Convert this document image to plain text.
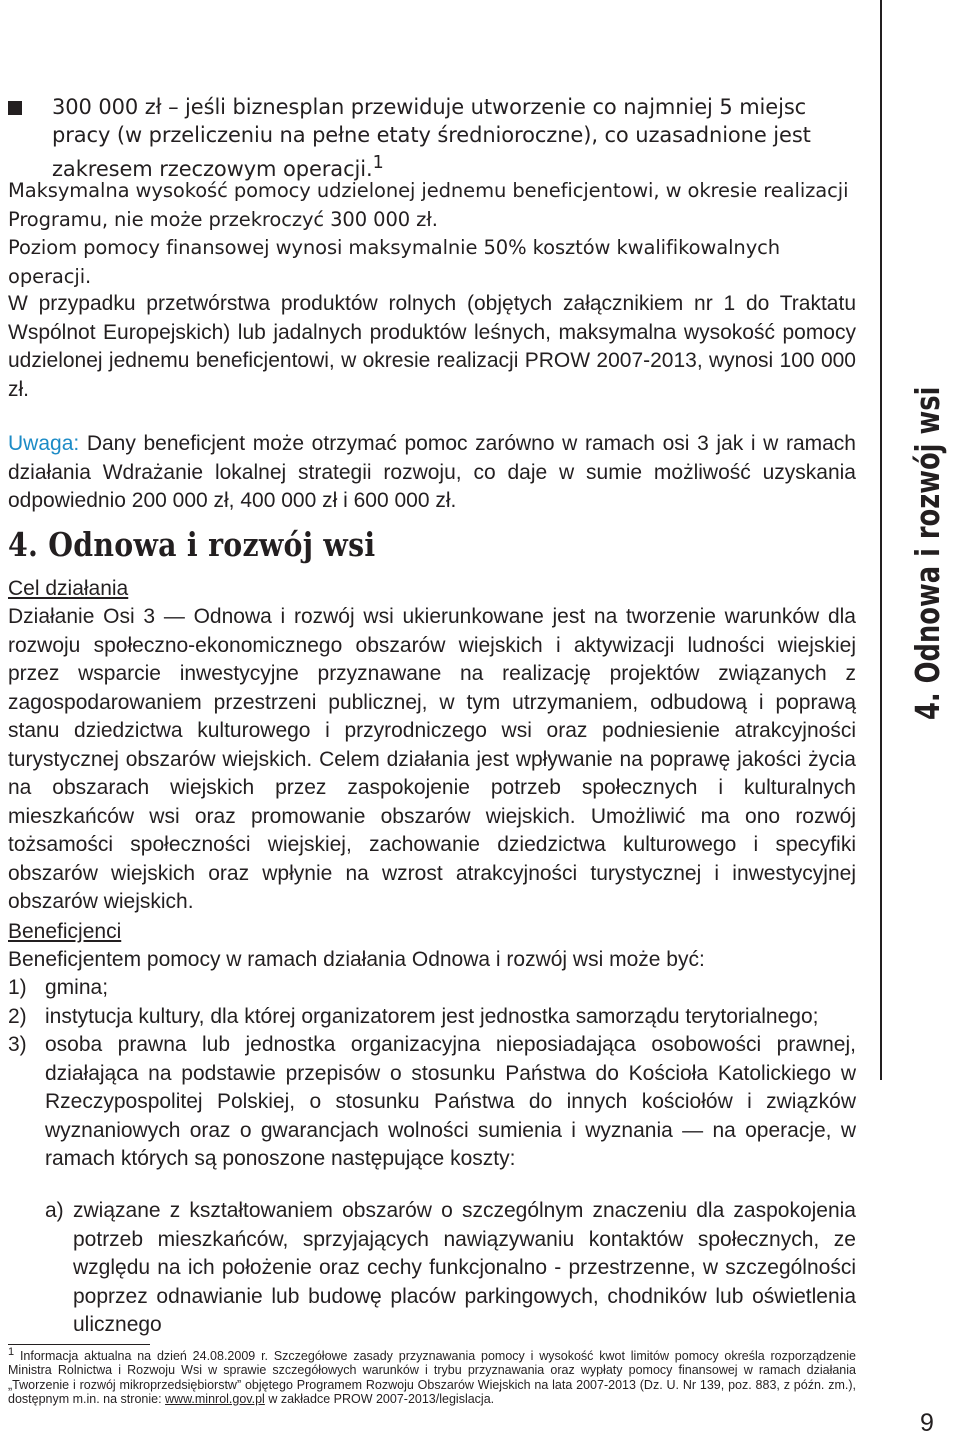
300 000 zł – jeśli biznesplan przewiduje utworzenie co najmniej 5 miejsc pracy (w przeliczeniu na pełne etaty średnioroczne), co uzasadnione jest zakresem rzeczowym operacji.$^1$

Maksymalna wysokość pomocy udzielonej jednemu beneficjentowi, w okresie realizacji Programu, nie może przekroczyć 300 000 zł.

Poziom pomocy finansowej wynosi maksymalnie 50% kosztów kwalifikowalnych operacji.

W przypadku przetwórstwa produktów rolnych (objętych załącznikiem nr 1 do Traktatu Wspólnot Europejskich) lub jadalnych produktów leśnych, maksymalna wysokość pomocy udzielonej jednemu beneficjentowi, w okresie realizacji PROW 2007-2013, wynosi 100 000 zł.

Uwaga: Dany beneficjent może otrzymać pomoc zarówno w ramach osi 3 jak i w ramach działania Wdrażanie lokalnej strategii rozwoju, co daje w sumie możliwość uzyskania odpowiednio 200 000 zł, 400 000 zł i 600 000 zł.

4. Odnowa i rozwój wsi
Cel działania

Działanie Osi 3 — Odnowa i rozwój wsi ukierunkowane jest na tworzenie warunków dla rozwoju społeczno-ekonomicznego obszarów wiejskich i aktywizacji ludności wiejskiej przez wsparcie inwestycyjne przyznawane na realizację projektów związanych z zagospodarowaniem przestrzeni publicznej, w tym utrzymaniem, odbudową i poprawą stanu dziedzictwa kulturowego i przyrodniczego wsi oraz podniesienie atrakcyjności turystycznej obszarów wiejskich. Celem działania jest wpływanie na poprawę jakości życia na obszarach wiejskich przez zaspokojenie potrzeb społecznych i kulturalnych mieszkańców wsi oraz promowanie obszarów wiejskich. Umożliwić ma ono rozwój tożsamości społeczności wiejskiej, zachowanie dziedzictwa kulturowego i specyfiki obszarów wiejskich oraz wpłynie na wzrost atrakcyjności turystycznej i inwestycyjnej obszarów wiejskich.

Beneficjenci
Beneficjentem pomocy w ramach działania Odnowa i rozwój wsi może być:

1) gmina;

2) instytucja kultury, dla której organizatorem jest jednostka samorządu terytorialnego;

3) osoba prawna lub jednostka organizacyjna nieposiadająca osobowości prawnej, działająca na podstawie przepisów o stosunku Państwa do Kościoła Katolickiego w Rzeczypospolitej Polskiej, o stosunku Państwa do innych kościołów i związków wyznaniowych oraz o gwarancjach wolności sumienia i wyznania — na operacje, w ramach których są ponoszone następujące koszty:

a) związane z kształtowaniem obszarów o szczególnym znaczeniu dla zaspokojenia potrzeb mieszkańców, sprzyjających nawiązywaniu kontaktów społecznych, ze względu na ich położenie oraz cechy funkcjonalno - przestrzenne, w szczególności poprzez odnawianie lub budowę placów parkingowych, chodników lub oświetlenia ulicznego

$^1$ Informacja aktualna na dzień 24.08.2009 r. Szczegółowe zasady przyznawania pomocy i wysokość kwot limitów pomocy określa rozporządzenie Ministra Rolnictwa i Rozwoju Wsi w sprawie szczegółowych warunków i trybu przyznawania oraz wypłaty pomocy finansowej w ramach działania „Tworzenie i rozwój mikroprzedsiębiorstw” objętego Programem Rozwoju Obszarów Wiejskich na lata 2007-2013 (Dz. U. Nr 139, poz. 883, z późn. zm.), dostępnym m.in. na stronie: www.minrol.gov.pl w zakładce PROW 2007-2013/legislacja.
4. Odnowa i rozwój wsi
9
